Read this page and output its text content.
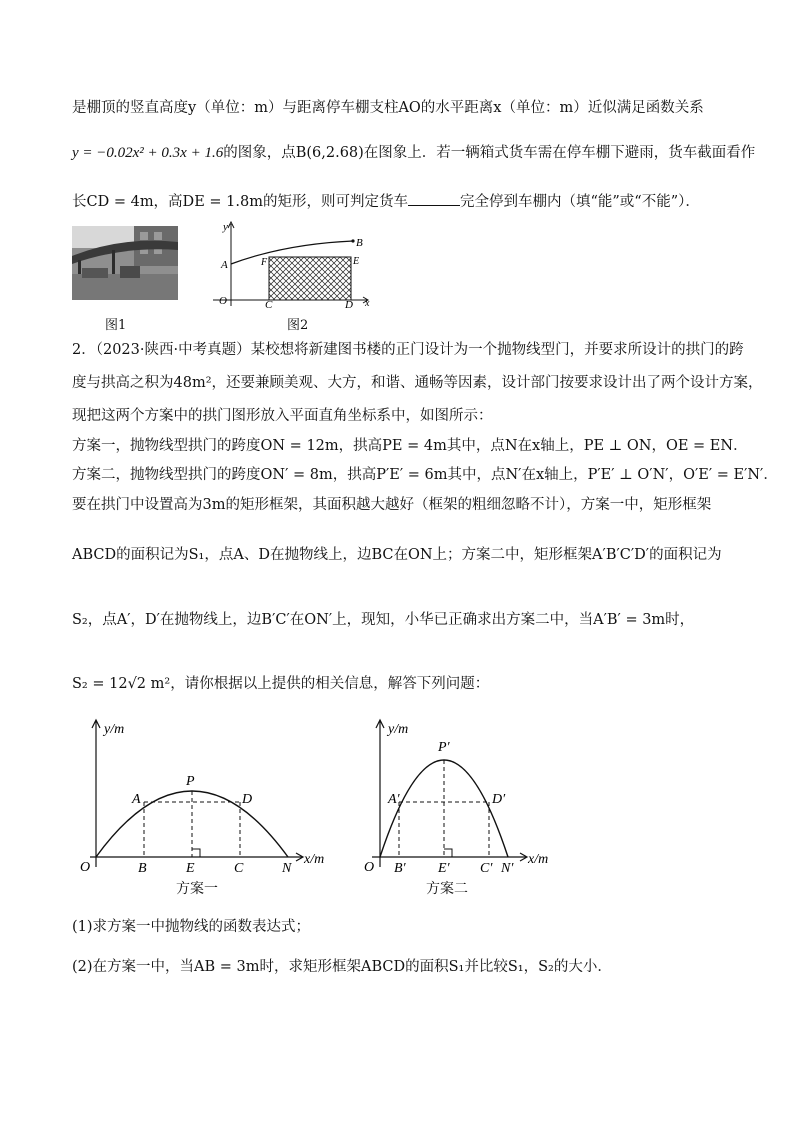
是棚顶的竖直高度y（单位：m）与距离停车棚支柱AO的水平距离x（单位：m）近似满足函数关系
y = −0.02x² + 0.3x + 1.6的图象，点B(6,2.68)在图象上．若一辆箱式货车需在停车棚下避雨，货车截面看作
长CD = 4m，高DE = 1.8m的矩形，则可判定货车	完全停到车棚内（填“能”或“不能”）．
图1
y
A
B
F	E
O	C	D x
图2
2．（2023·陕西·中考真题）某校想将新建图书楼的正门设计为一个抛物线型门，并要求所设计的拱门的跨
度与拱高之积为48m²，还要兼顾美观、大方，和谐、通畅等因素，设计部门按要求设计出了两个设计方案，
现把这两个方案中的拱门图形放入平面直角坐标系中，如图所示：
方案一，抛物线型拱门的跨度ON = 12m，拱高PE = 4m其中，点N在x轴上，PE ⊥ ON，OE = EN．
方案二，抛物线型拱门的跨度ON′ = 8m，拱高P′E′ = 6m其中，点N′在x轴上，P′E′ ⊥ O′N′，O′E′ = E′N′．
要在拱门中设置高为3m的矩形框架，其面积越大越好（框架的粗细忽略不计），方案一中，矩形框架
ABCD的面积记为S₁，点A、D在抛物线上，边BC在ON上；方案二中，矩形框架A′B′C′D′的面积记为
S₂，点A′，D′在抛物线上，边B′C′在ON′上，现知，小华已正确求出方案二中，当A′B′ = 3m时，
S₂ = 12√2 m²，请你根据以上提供的相关信息，解答下列问题：
y/m
P
A	D
O	B	E	C	N
x/m
方案一
y/m
P′
A′	D′
O B′ E′ C′ N′
x/m
方案二
(1)求方案一中抛物线的函数表达式；
(2)在方案一中，当AB = 3m时，求矩形框架ABCD的面积S₁并比较S₁，S₂的大小．
